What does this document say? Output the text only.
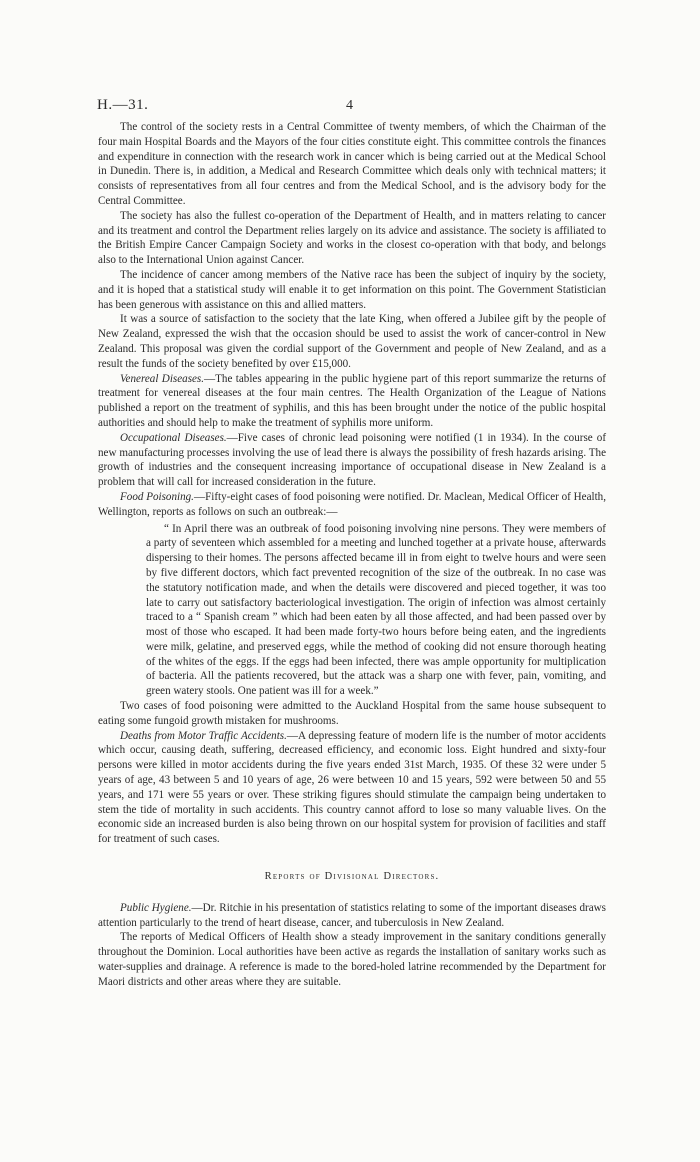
H.—31.	4

The control of the society rests in a Central Committee of twenty members, of which the Chairman of the four main Hospital Boards and the Mayors of the four cities constitute eight. This committee controls the finances and expenditure in connection with the research work in cancer which is being carried out at the Medical School in Dunedin. There is, in addition, a Medical and Research Committee which deals only with technical matters; it consists of representatives from all four centres and from the Medical School, and is the advisory body for the Central Committee.

The society has also the fullest co-operation of the Department of Health, and in matters relating to cancer and its treatment and control the Department relies largely on its advice and assistance. The society is affiliated to the British Empire Cancer Campaign Society and works in the closest co-operation with that body, and belongs also to the International Union against Cancer.

The incidence of cancer among members of the Native race has been the subject of inquiry by the society, and it is hoped that a statistical study will enable it to get information on this point. The Government Statistician has been generous with assistance on this and allied matters.

It was a source of satisfaction to the society that the late King, when offered a Jubilee gift by the people of New Zealand, expressed the wish that the occasion should be used to assist the work of cancer-control in New Zealand. This proposal was given the cordial support of the Government and people of New Zealand, and as a result the funds of the society benefited by over £15,000.

Venereal Diseases.—The tables appearing in the public hygiene part of this report summarize the returns of treatment for venereal diseases at the four main centres. The Health Organization of the League of Nations published a report on the treatment of syphilis, and this has been brought under the notice of the public hospital authorities and should help to make the treatment of syphilis more uniform.

Occupational Diseases.—Five cases of chronic lead poisoning were notified (1 in 1934). In the course of new manufacturing processes involving the use of lead there is always the possibility of fresh hazards arising. The growth of industries and the consequent increasing importance of occupational disease in New Zealand is a problem that will call for increased consideration in the future.

Food Poisoning.—Fifty-eight cases of food poisoning were notified. Dr. Maclean, Medical Officer of Health, Wellington, reports as follows on such an outbreak:—

“ In April there was an outbreak of food poisoning involving nine persons. They were members of a party of seventeen which assembled for a meeting and lunched together at a private house, afterwards dispersing to their homes. The persons affected became ill in from eight to twelve hours and were seen by five different doctors, which fact prevented recognition of the size of the outbreak. In no case was the statutory notification made, and when the details were discovered and pieced together, it was too late to carry out satisfactory bacteriological investigation. The origin of infection was almost certainly traced to a “ Spanish cream ” which had been eaten by all those affected, and had been passed over by most of those who escaped. It had been made forty-two hours before being eaten, and the ingredients were milk, gelatine, and preserved eggs, while the method of cooking did not ensure thorough heating of the whites of the eggs. If the eggs had been infected, there was ample opportunity for multiplication of bacteria. All the patients recovered, but the attack was a sharp one with fever, pain, vomiting, and green watery stools. One patient was ill for a week.”

Two cases of food poisoning were admitted to the Auckland Hospital from the same house subsequent to eating some fungoid growth mistaken for mushrooms.

Deaths from Motor Traffic Accidents.—A depressing feature of modern life is the number of motor accidents which occur, causing death, suffering, decreased efficiency, and economic loss. Eight hundred and sixty-four persons were killed in motor accidents during the five years ended 31st March, 1935. Of these 32 were under 5 years of age, 43 between 5 and 10 years of age, 26 were between 10 and 15 years, 592 were between 50 and 55 years, and 171 were 55 years or over. These striking figures should stimulate the campaign being undertaken to stem the tide of mortality in such accidents. This country cannot afford to lose so many valuable lives. On the economic side an increased burden is also being thrown on our hospital system for provision of facilities and staff for treatment of such cases.

Reports of Divisional Directors.

Public Hygiene.—Dr. Ritchie in his presentation of statistics relating to some of the important diseases draws attention particularly to the trend of heart disease, cancer, and tuberculosis in New Zealand.

The reports of Medical Officers of Health show a steady improvement in the sanitary conditions generally throughout the Dominion. Local authorities have been active as regards the installation of sanitary works such as water-supplies and drainage. A reference is made to the bored-holed latrine recommended by the Department for Maori districts and other areas where they are suitable.
